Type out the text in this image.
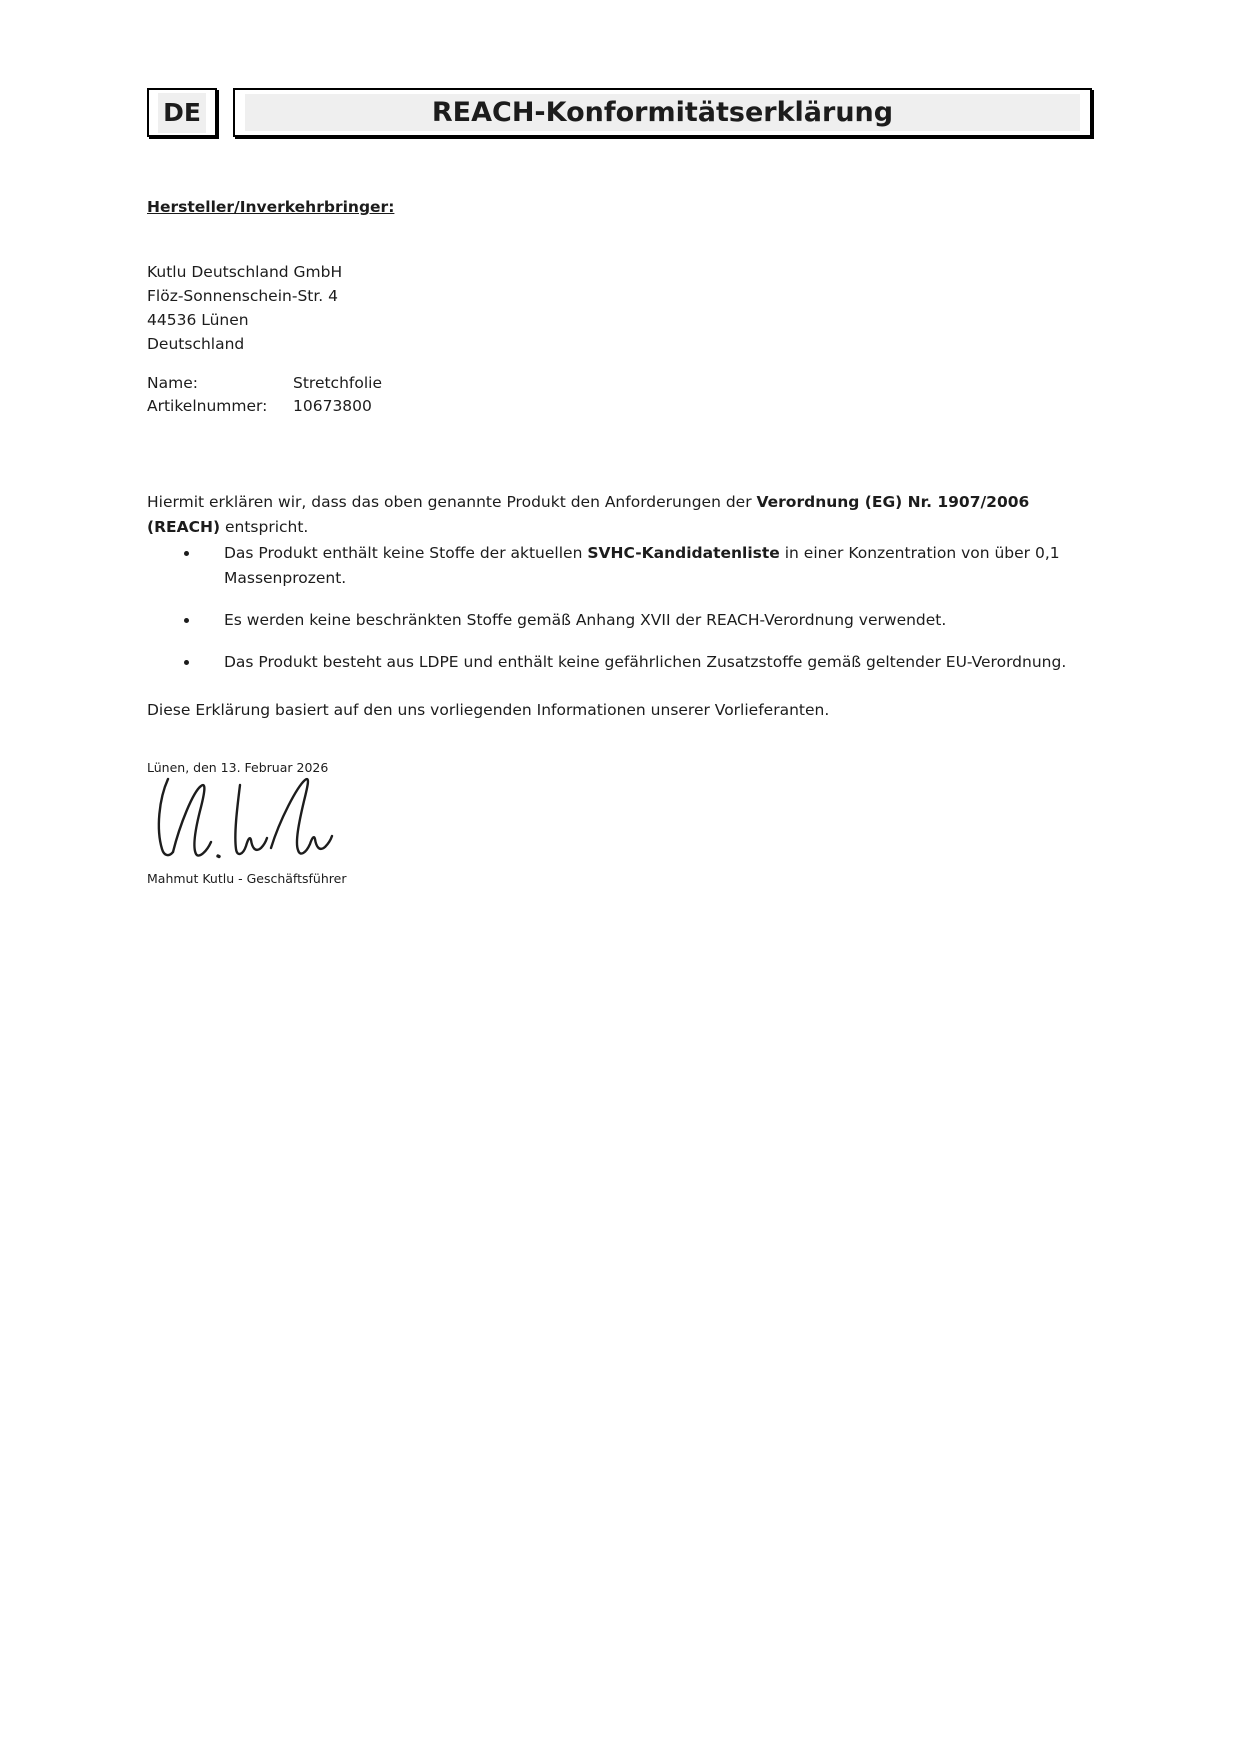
DE	REACH-Konformitätserklärung
Hersteller/Inverkehrbringer:
Kutlu Deutschland GmbH
Flöz-Sonnenschein-Str. 4
44536 Lünen
Deutschland
Name:	Stretchfolie
Artikelnummer:	10673800

Hiermit erklären wir, dass das oben genannte Produkt den Anforderungen der Verordnung (EG) Nr. 1907/2006 (REACH) entspricht.

Das Produkt enthält keine Stoffe der aktuellen SVHC-Kandidatenliste in einer Konzentration von über 0,1 Massenprozent.
Es werden keine beschränkten Stoffe gemäß Anhang XVII der REACH-Verordnung verwendet.
Das Produkt besteht aus LDPE und enthält keine gefährlichen Zusatzstoffe gemäß geltender EU-Verordnung.

Diese Erklärung basiert auf den uns vorliegenden Informationen unserer Vorlieferanten.

Lünen, den 13. Februar 2026
Mahmut Kutlu - Geschäftsführer
